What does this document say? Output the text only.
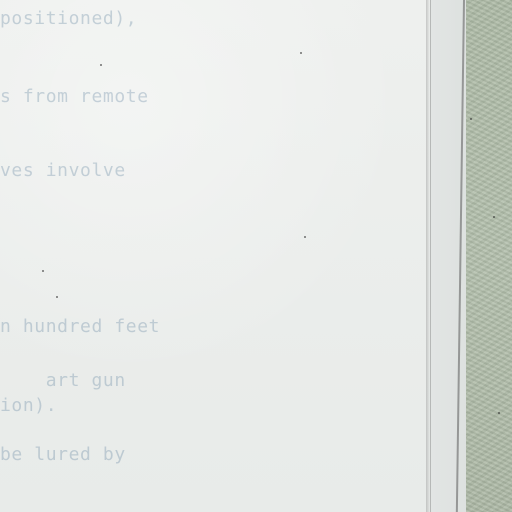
positioned),
s from remote
ves involve
n hundred feet
art gun
ion).
be lured by
